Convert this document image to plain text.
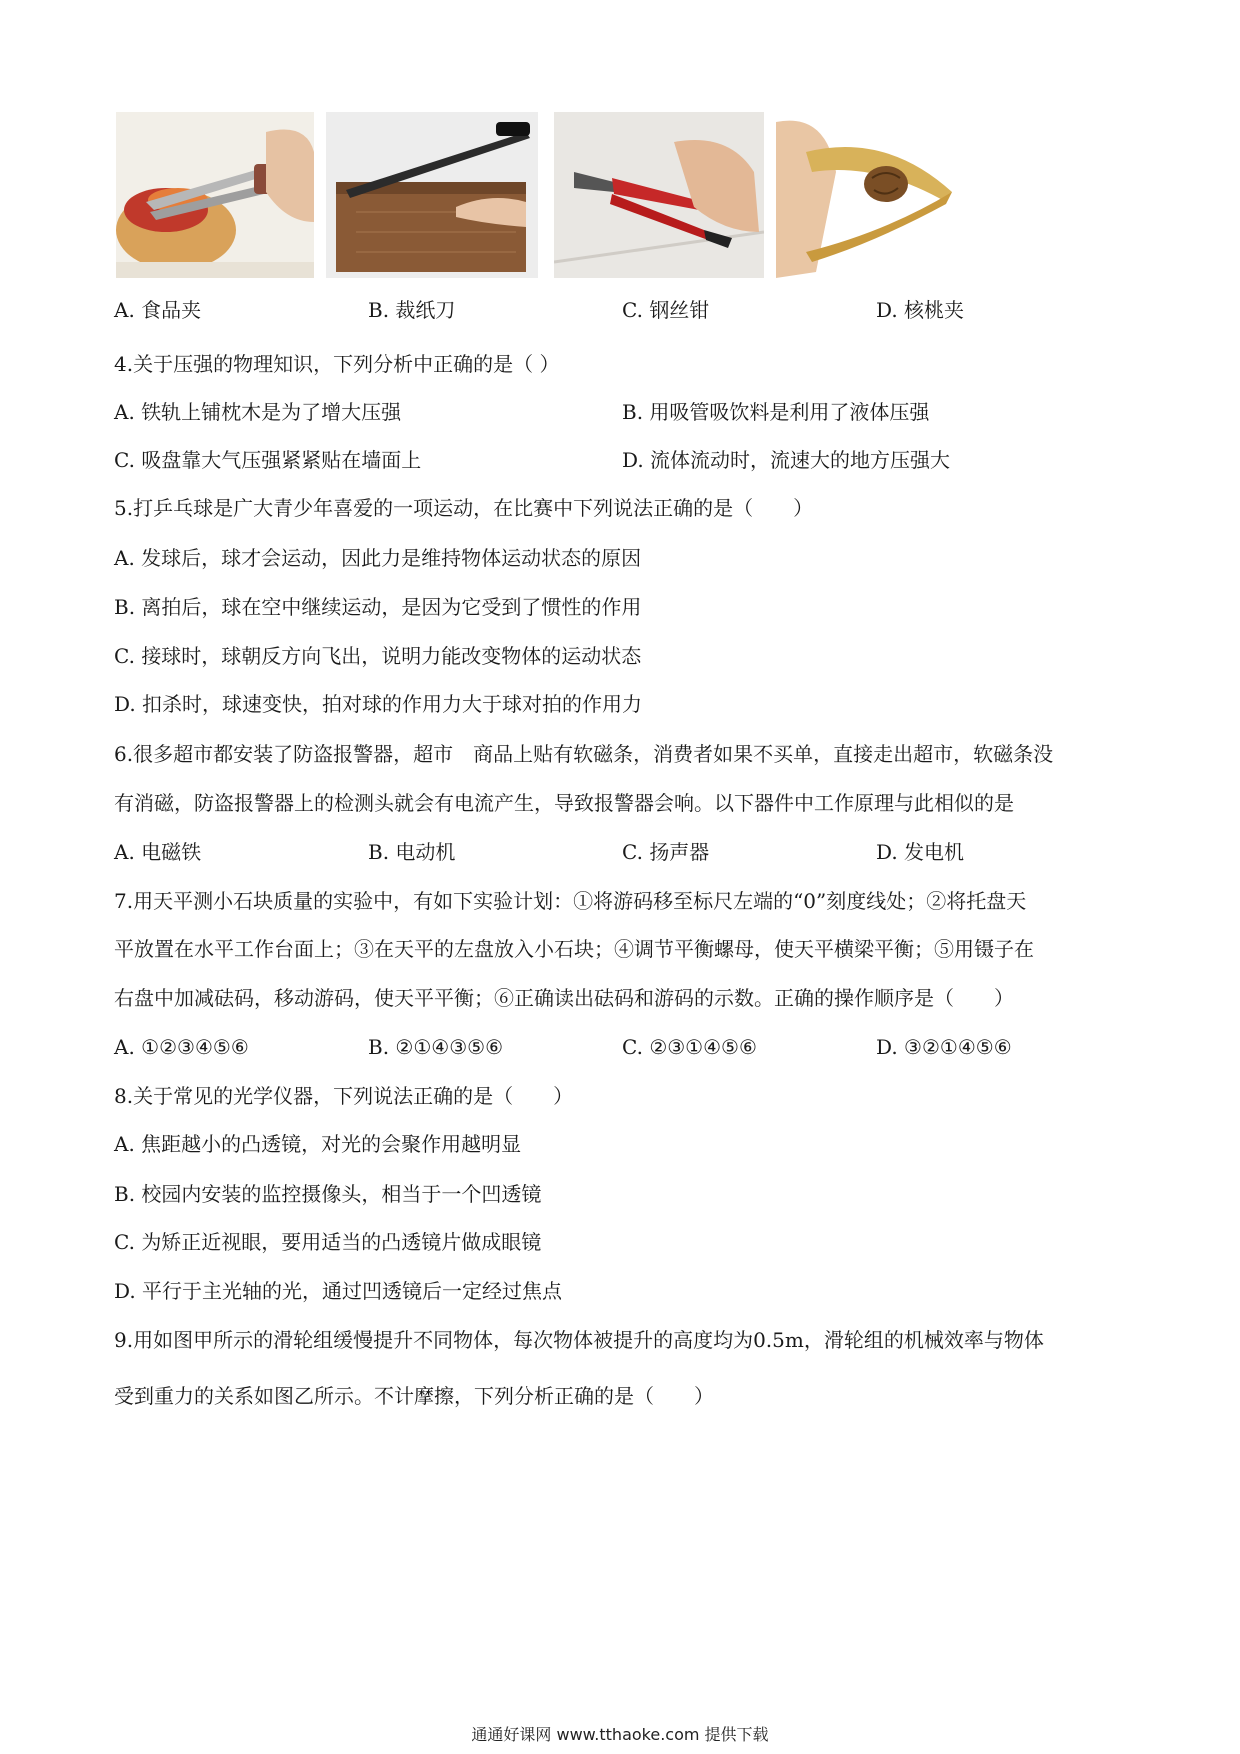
A. 食品夹	B. 裁纸刀	C. 钢丝钳	D. 核桃夹
4.关于压强的物理知识，下列分析中正确的是（ ）
A. 铁轨上铺枕木是为了增大压强	B. 用吸管吸饮料是利用了液体压强
C. 吸盘靠大气压强紧紧贴在墙面上	D. 流体流动时，流速大的地方压强大
5.打乒乓球是广大青少年喜爱的一项运动，在比赛中下列说法正确的是（　　）
A. 发球后，球才会运动，因此力是维持物体运动状态的原因
B. 离拍后，球在空中继续运动，是因为它受到了惯性的作用
C. 接球时，球朝反方向飞出，说明力能改变物体的运动状态
D. 扣杀时，球速变快，拍对球的作用力大于球对拍的作用力
6.很多超市都安装了防盗报警器，超市　商品上贴有软磁条，消费者如果不买单，直接走出超市，软磁条没
有消磁，防盗报警器上的检测头就会有电流产生，导致报警器会响。以下器件中工作原理与此相似的是
A. 电磁铁	B. 电动机	C. 扬声器	D. 发电机
7.用天平测小石块质量的实验中，有如下实验计划：①将游码移至标尺左端的“0”刻度线处；②将托盘天
平放置在水平工作台面上；③在天平的左盘放入小石块；④调节平衡螺母，使天平横梁平衡；⑤用镊子在
右盘中加减砝码，移动游码，使天平平衡；⑥正确读出砝码和游码的示数。正确的操作顺序是（　　）
A. ①②③④⑤⑥	B. ②①④③⑤⑥	C. ②③①④⑤⑥	D. ③②①④⑤⑥
8.关于常见的光学仪器，下列说法正确的是（　　）
A. 焦距越小的凸透镜，对光的会聚作用越明显
B. 校园内安装的监控摄像头，相当于一个凹透镜
C. 为矫正近视眼，要用适当的凸透镜片做成眼镜
D. 平行于主光轴的光，通过凹透镜后一定经过焦点
9.用如图甲所示的滑轮组缓慢提升不同物体，每次物体被提升的高度均为0.5m，滑轮组的机械效率与物体
受到重力的关系如图乙所示。不计摩擦，下列分析正确的是（　　）
通通好课网 www.tthaoke.com 提供下载
